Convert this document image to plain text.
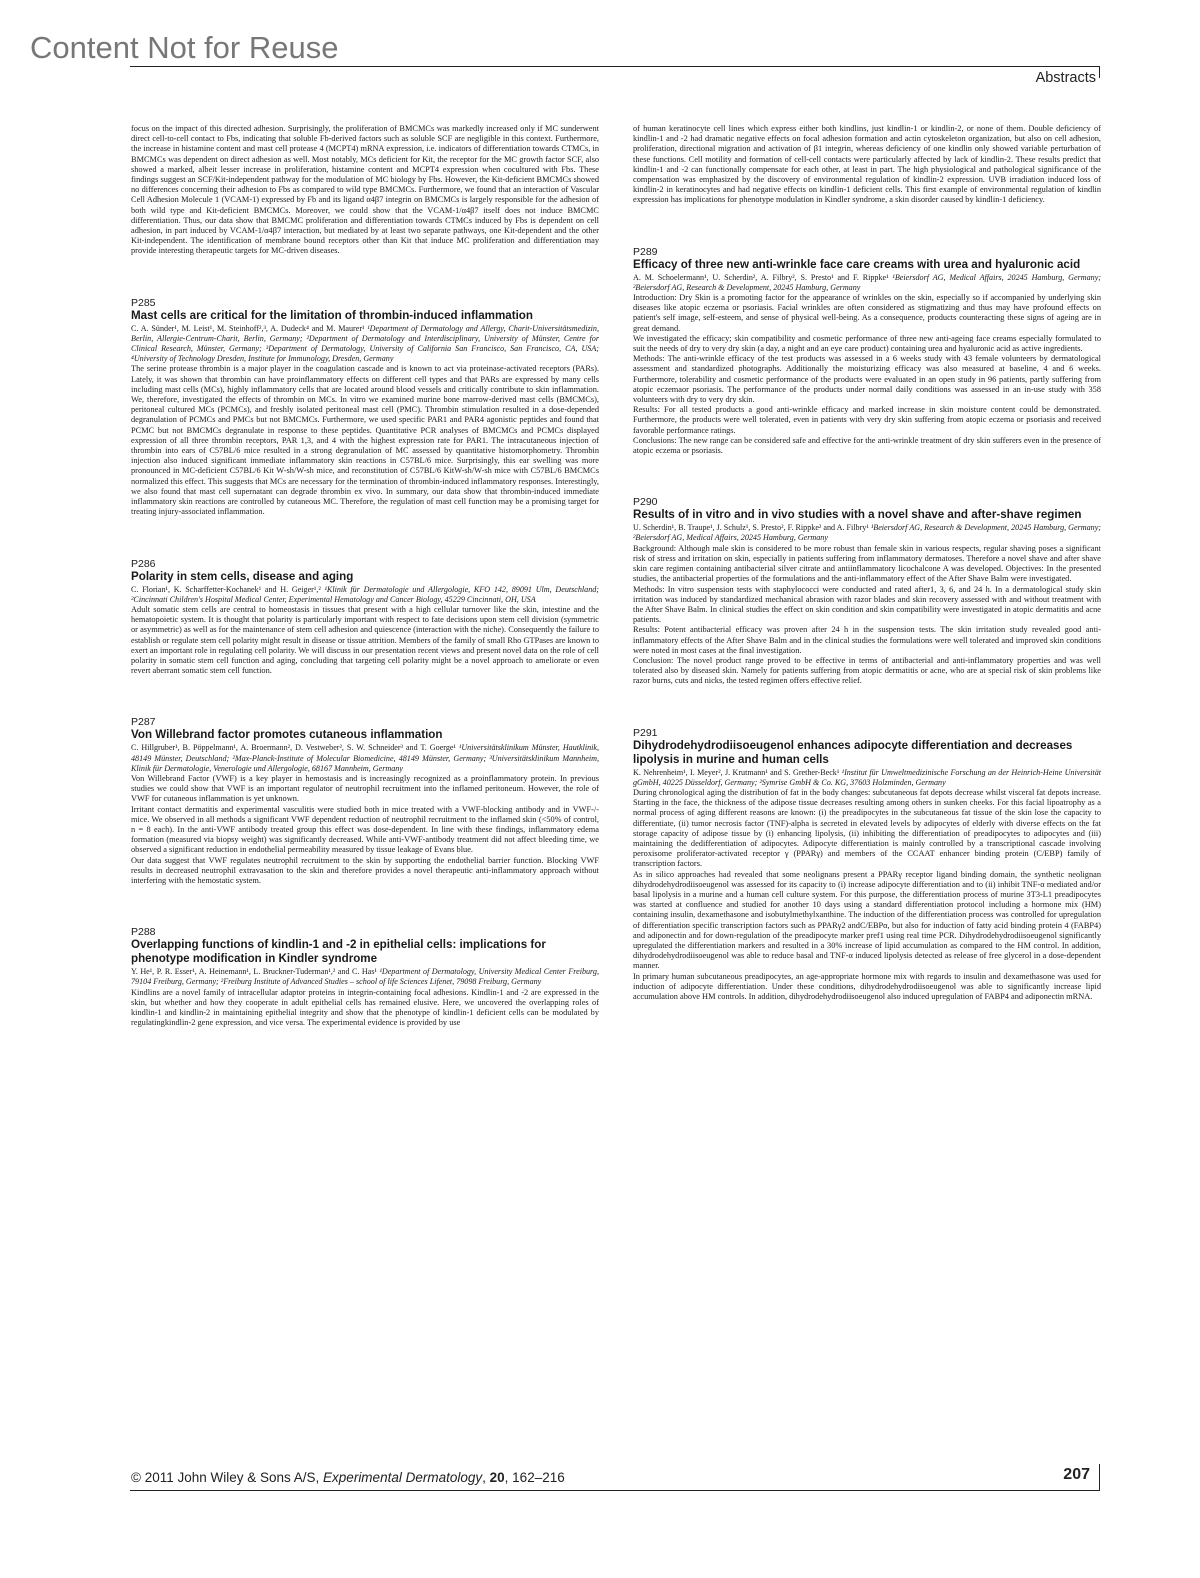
Content Not for Reuse
Abstracts

focus on the impact of this directed adhesion. Surprisingly, the proliferation of BMCMCs was markedly increased only if MC sunderwent direct cell-to-cell contact to Fbs, indicating that soluble Fb-derived factors such as soluble SCF are negligible in this context. Furthermore, the increase in histamine content and mast cell protease 4 (MCPT4) mRNA expression, i.e. indicators of differentiation towards CTMCs, in BMCMCs was dependent on direct adhesion as well. Most notably, MCs deficient for Kit, the receptor for the MC growth factor SCF, also showed a marked, albeit lesser increase in proliferation, histamine content and MCPT4 expression when cocultured with Fbs. These findings suggest an SCF/Kit-independent pathway for the modulation of MC biology by Fbs. However, the Kit-deficient BMCMCs showed no differences concerning their adhesion to Fbs as compared to wild type BMCMCs. Furthermore, we found that an interaction of Vascular Cell Adhesion Molecule 1 (VCAM-1) expressed by Fb and its ligand α4β7 integrin on BMCMCs is largely responsible for the adhesion of both wild type and Kit-deficient BMCMCs. Moreover, we could show that the VCAM-1/α4β7 itself does not induce BMCMC differentiation. Thus, our data show that BMCMC proliferation and differentiation towards CTMCs induced by Fbs is dependent on cell adhesion, in part induced by VCAM-1/α4β7 interaction, but mediated by at least two separate pathways, one Kit-dependent and the other Kit-independent. The identification of membrane bound receptors other than Kit that induce MC proliferation and differentiation may provide interesting therapeutic targets for MC-driven diseases.

P285
Mast cells are critical for the limitation of thrombin-induced inflammation

C. A. Sünder¹, M. Leist¹, M. Steinhoff²,³, A. Dudeck⁴ and M. Maurer¹ ¹Department of Dermatology and Allergy, Charit-Universitätsmedizin, Berlin, Allergie-Centrum-Charit, Berlin, Germany; ²Department of Dermatology and Interdisciplinary, University of Münster, Centre for Clinical Research, Münster, Germany; ³Department of Dermatology, University of California San Francisco, San Francisco, CA, USA; ⁴University of Technology Dresden, Institute for Immunology, Dresden, Germany

The serine protease thrombin is a major player in the coagulation cascade and is known to act via proteinase-activated receptors (PARs). Lately, it was shown that thrombin can have proinflammatory effects on different cell types and that PARs are expressed by many cells including mast cells (MCs), highly inflammatory cells that are located around blood vessels and critically contribute to skin inflammation. We, therefore, investigated the effects of thrombin on MCs. In vitro we examined murine bone marrow-derived mast cells (BMCMCs), peritoneal cultured MCs (PCMCs), and freshly isolated peritoneal mast cell (PMC). Thrombin stimulation resulted in a dose-depended degranulation of PCMCs and PMCs but not BMCMCs. Furthermore, we used specific PAR1 and PAR4 agonistic peptides and found that PCMC but not BMCMCs degranulate in response to these peptides. Quantitative PCR analyses of BMCMCs and PCMCs displayed expression of all three thrombin receptors, PAR 1,3, and 4 with the highest expression rate for PAR1. The intracutaneous injection of thrombin into ears of C57BL/6 mice resulted in a strong degranulation of MC assessed by quantitative histomorphometry. Thrombin injection also induced significant immediate inflammatory skin reactions in C57BL/6 mice. Surprisingly, this ear swelling was more pronounced in MC-deficient C57BL/6 Kit W-sh/W-sh mice, and reconstitution of C57BL/6 KitW-sh/W-sh mice with C57BL/6 BMCMCs normalized this effect. This suggests that MCs are necessary for the termination of thrombin-induced inflammatory responses. Interestingly, we also found that mast cell supernatant can degrade thrombin ex vivo. In summary, our data show that thrombin-induced immediate inflammatory skin reactions are controlled by cutaneous MC. Therefore, the regulation of mast cell function may be a promising target for treating injury-associated inflammation.

P286
Polarity in stem cells, disease and aging

C. Florian¹, K. Scharffetter-Kochanek¹ and H. Geiger¹,² ¹Klinik für Dermatologie und Allergologie, KFO 142, 89091 Ulm, Deutschland; ²Cincinnati Children's Hospital Medical Center, Experimental Hematology and Cancer Biology, 45229 Cincinnati, OH, USA

Adult somatic stem cells are central to homeostasis in tissues that present with a high cellular turnover like the skin, intestine and the hematopoietic system. It is thought that polarity is particularly important with respect to fate decisions upon stem cell division (symmetric or asymmetric) as well as for the maintenance of stem cell adhesion and quiescence (interaction with the niche). Consequently the failure to establish or regulate stem cell polarity might result in disease or tissue attrition. Members of the family of small Rho GTPases are known to exert an important role in regulating cell polarity. We will discuss in our presentation recent views and present novel data on the role of cell polarity in somatic stem cell function and aging, concluding that targeting cell polarity might be a novel approach to ameliorate or even revert aberrant somatic stem cell function.

P287
Von Willebrand factor promotes cutaneous inflammation

C. Hillgruber¹, B. Pöppelmann¹, A. Broermann², D. Vestweber², S. W. Schneider³ and T. Goerge¹ ¹Universitätsklinikum Münster, Hautklinik, 48149 Münster, Deutschland; ²Max-Planck-Institute of Molecular Biomedicine, 48149 Münster, Germany; ³Universitätsklinikum Mannheim, Klinik für Dermatologie, Venerologie und Allergologie, 68167 Mannheim, Germany

Von Willebrand Factor (VWF) is a key player in hemostasis and is increasingly recognized as a proinflammatory protein. In previous studies we could show that VWF is an important regulator of neutrophil recruitment into the inflamed peritoneum. However, the role of VWF for cutaneous inflammation is yet unknown.

Irritant contact dermatitis and experimental vasculitis were studied both in mice treated with a VWF-blocking antibody and in VWF-/- mice. We observed in all methods a significant VWF dependent reduction of neutrophil recruitment to the inflamed skin (<50% of control, n = 8 each). In the anti-VWF antibody treated group this effect was dose-dependent. In line with these findings, inflammatory edema formation (measured via biopsy weight) was significantly decreased. While anti-VWF-antibody treatment did not affect bleeding time, we observed a significant reduction in endothelial permeability measured by tissue leakage of Evans blue.

Our data suggest that VWF regulates neutrophil recruitment to the skin by supporting the endothelial barrier function. Blocking VWF results in decreased neutrophil extravasation to the skin and therefore provides a novel therapeutic anti-inflammatory approach without interfering with the hemostatic system.

P288
Overlapping functions of kindlin-1 and -2 in epithelial cells: implications for phenotype modification in Kindler syndrome

Y. He¹, P. R. Esser¹, A. Heinemann¹, L. Bruckner-Tuderman¹,² and C. Has¹ ¹Department of Dermatology, University Medical Center Freiburg, 79104 Freiburg, Germany; ²Freiburg Institute of Advanced Studies – school of life Sciences Lifenet, 79098 Freiburg, Germany

Kindlins are a novel family of intracellular adaptor proteins in integrin-containing focal adhesions. Kindlin-1 and -2 are expressed in the skin, but whether and how they cooperate in adult epithelial cells has remained elusive. Here, we uncovered the overlapping roles of kindlin-1 and kindlin-2 in maintaining epithelial integrity and show that the phenotype of kindlin-1 deficient cells can be modulated by regulatingkindlin-2 gene expression, and vice versa. The experimental evidence is provided by use

of human keratinocyte cell lines which express either both kindlins, just kindlin-1 or kindlin-2, or none of them. Double deficiency of kindlin-1 and -2 had dramatic negative effects on focal adhesion formation and actin cytoskeleton organization, but also on cell adhesion, proliferation, directional migration and activation of β1 integrin, whereas deficiency of one kindlin only showed variable perturbation of these functions. Cell motility and formation of cell-cell contacts were particularly affected by lack of kindlin-2. These results predict that kindlin-1 and -2 can functionally compensate for each other, at least in part. The high physiological and pathological significance of the compensation was emphasized by the discovery of environmental regulation of kindlin-2 expression. UVB irradiation induced loss of kindlin-2 in keratinocytes and had negative effects on kindlin-1 deficient cells. This first example of environmental regulation of kindlin expression has implications for phenotype modulation in Kindler syndrome, a skin disorder caused by kindlin-1 deficiency.

P289
Efficacy of three new anti-wrinkle face care creams with urea and hyaluronic acid

A. M. Schoelermann¹, U. Scherdin², A. Filbry², S. Presto¹ and F. Rippke¹ ¹Beiersdorf AG, Medical Affairs, 20245 Hamburg, Germany; ²Beiersdorf AG, Research & Development, 20245 Hamburg, Germany

Introduction: Dry Skin is a promoting factor for the appearance of wrinkles on the skin, especially so if accompanied by underlying skin diseases like atopic eczema or psoriasis. Facial wrinkles are often considered as stigmatizing and thus may have profound effects on patient's self image, self-esteem, and sense of physical well-being. As a consequence, products counteracting these signs of ageing are in great demand.

We investigated the efficacy; skin compatibility and cosmetic performance of three new anti-ageing face creams especially formulated to suit the needs of dry to very dry skin (a day, a night and an eye care product) containing urea and hyaluronic acid as active ingredients.

Methods: The anti-wrinkle efficacy of the test products was assessed in a 6 weeks study with 43 female volunteers by dermatological assessment and standardized photographs. Additionally the moisturizing efficacy was also measured at baseline, 4 and 6 weeks. Furthermore, tolerability and cosmetic performance of the products were evaluated in an open study in 96 patients, partly suffering from atopic eczemaor psoriasis. The performance of the products under normal daily conditions was assessed in an in-use study with 358 volunteers with dry to very dry skin.

Results: For all tested products a good anti-wrinkle efficacy and marked increase in skin moisture content could be demonstrated. Furthermore, the products were well tolerated, even in patients with very dry skin suffering from atopic eczema or psoriasis and received favorable performance ratings.

Conclusions: The new range can be considered safe and effective for the anti-wrinkle treatment of dry skin sufferers even in the presence of atopic eczema or psoriasis.

P290
Results of in vitro and in vivo studies with a novel shave and after-shave regimen

U. Scherdin¹, B. Traupe¹, J. Schulz¹, S. Presto², F. Rippke² and A. Filbry¹ ¹Beiersdorf AG, Research & Development, 20245 Hamburg, Germany; ²Beiersdorf AG, Medical Affairs, 20245 Hamburg, Germany

Background: Although male skin is considered to be more robust than female skin in various respects, regular shaving poses a significant risk of stress and irritation on skin, especially in patients suffering from inflammatory dermatoses. Therefore a novel shave and after shave skin care regimen containing antibacterial silver citrate and antiinflammatory licochalcone A was developed. Objectives: In the presented studies, the antibacterial properties of the formulations and the anti-inflammatory effect of the After Shave Balm were investigated.

Methods: In vitro suspension tests with staphylococci were conducted and rated after1, 3, 6, and 24 h. In a dermatological study skin irritation was induced by standardized mechanical abrasion with razor blades and skin recovery assessed with and without treatment with the After Shave Balm. In clinical studies the effect on skin condition and skin compatibility were investigated in atopic dermatitis and acne patients.

Results: Potent antibacterial efficacy was proven after 24 h in the suspension tests. The skin irritation study revealed good anti-inflammatory effects of the After Shave Balm and in the clinical studies the formulations were well tolerated and improved skin conditions were noted in most cases at the final investigation.

Conclusion: The novel product range proved to be effective in terms of antibacterial and anti-inflammatory properties and was well tolerated also by diseased skin. Namely for patients suffering from atopic dermatitis or acne, who are at special risk of skin problems like razor burns, cuts and nicks, the tested regimen offers effective relief.

P291
Dihydrodehydrodiisoeugenol enhances adipocyte differentiation and decreases lipolysis in murine and human cells

K. Nehrenheim¹, I. Meyer², J. Krutmann¹ and S. Grether-Beck¹ ¹Institut für Umweltmedizinische Forschung an der Heinrich-Heine Universität gGmbH, 40225 Düsseldorf, Germany; ²Symrise GmbH & Co. KG, 37603 Holzminden, Germany

During chronological aging the distribution of fat in the body changes: subcutaneous fat depots decrease whilst visceral fat depots increase. Starting in the face, the thickness of the adipose tissue decreases resulting among others in sunken cheeks. For this facial lipoatrophy as a normal process of aging different reasons are known: (i) the preadipocytes in the subcutaneous fat tissue of the skin lose the capacity to differentiate, (ii) tumor necrosis factor (TNF)-alpha is secreted in elevated levels by adipocytes of elderly with diverse effects on the fat storage capacity of adipose tissue by (i) enhancing lipolysis, (ii) inhibiting the differentiation of preadipocytes to adipocytes and (iii) maintaining the dedifferentiation of adipocytes. Adipocyte differentiation is mainly controlled by a transcriptional cascade involving peroxisome proliferator-activated receptor γ (PPARγ) and members of the CCAAT enhancer binding protein (C/EBP) family of transcription factors.

As in silico approaches had revealed that some neolignans present a PPARγ receptor ligand binding domain, the synthetic neolignan dihydrodehydrodiisoeugenol was assessed for its capacity to (i) increase adipocyte differentiation and to (ii) inhibit TNF-α mediated and/or basal lipolysis in a murine and a human cell culture system. For this purpose, the differentiation process of murine 3T3-L1 preadipocytes was started at confluence and studied for another 10 days using a standard differentiation protocol including a hormone mix (HM) containing insulin, dexamethasone and isobutylmethylxanthine. The induction of the differentiation process was controlled for upregulation of differentiation specific transcription factors such as PPARγ2 andC/EBPα, but also for induction of fatty acid binding protein 4 (FABP4) and adiponectin and for down-regulation of the preadipocyte marker pref1 using real time PCR. Dihydrodehydrodiisoeugenol significantly upregulated the differentiation markers and resulted in a 30% increase of lipid accumulation as compared to the HM control. In addition, dihydrodehydrodiisoeugenol was able to reduce basal and TNF-α induced lipolysis detected as release of free glycerol in a dose-dependent manner.

In primary human subcutaneous preadipocytes, an age-appropriate hormone mix with regards to insulin and dexamethasone was used for induction of adipocyte differentiation. Under these conditions, dihydrodehydrodiisoeugenol was able to significantly increase lipid accumulation above HM controls. In addition, dihydrodehydrodiisoeugenol also induced upregulation of FABP4 and adiponectin mRNA.

© 2011 John Wiley & Sons A/S, Experimental Dermatology, 20, 162–216	207
